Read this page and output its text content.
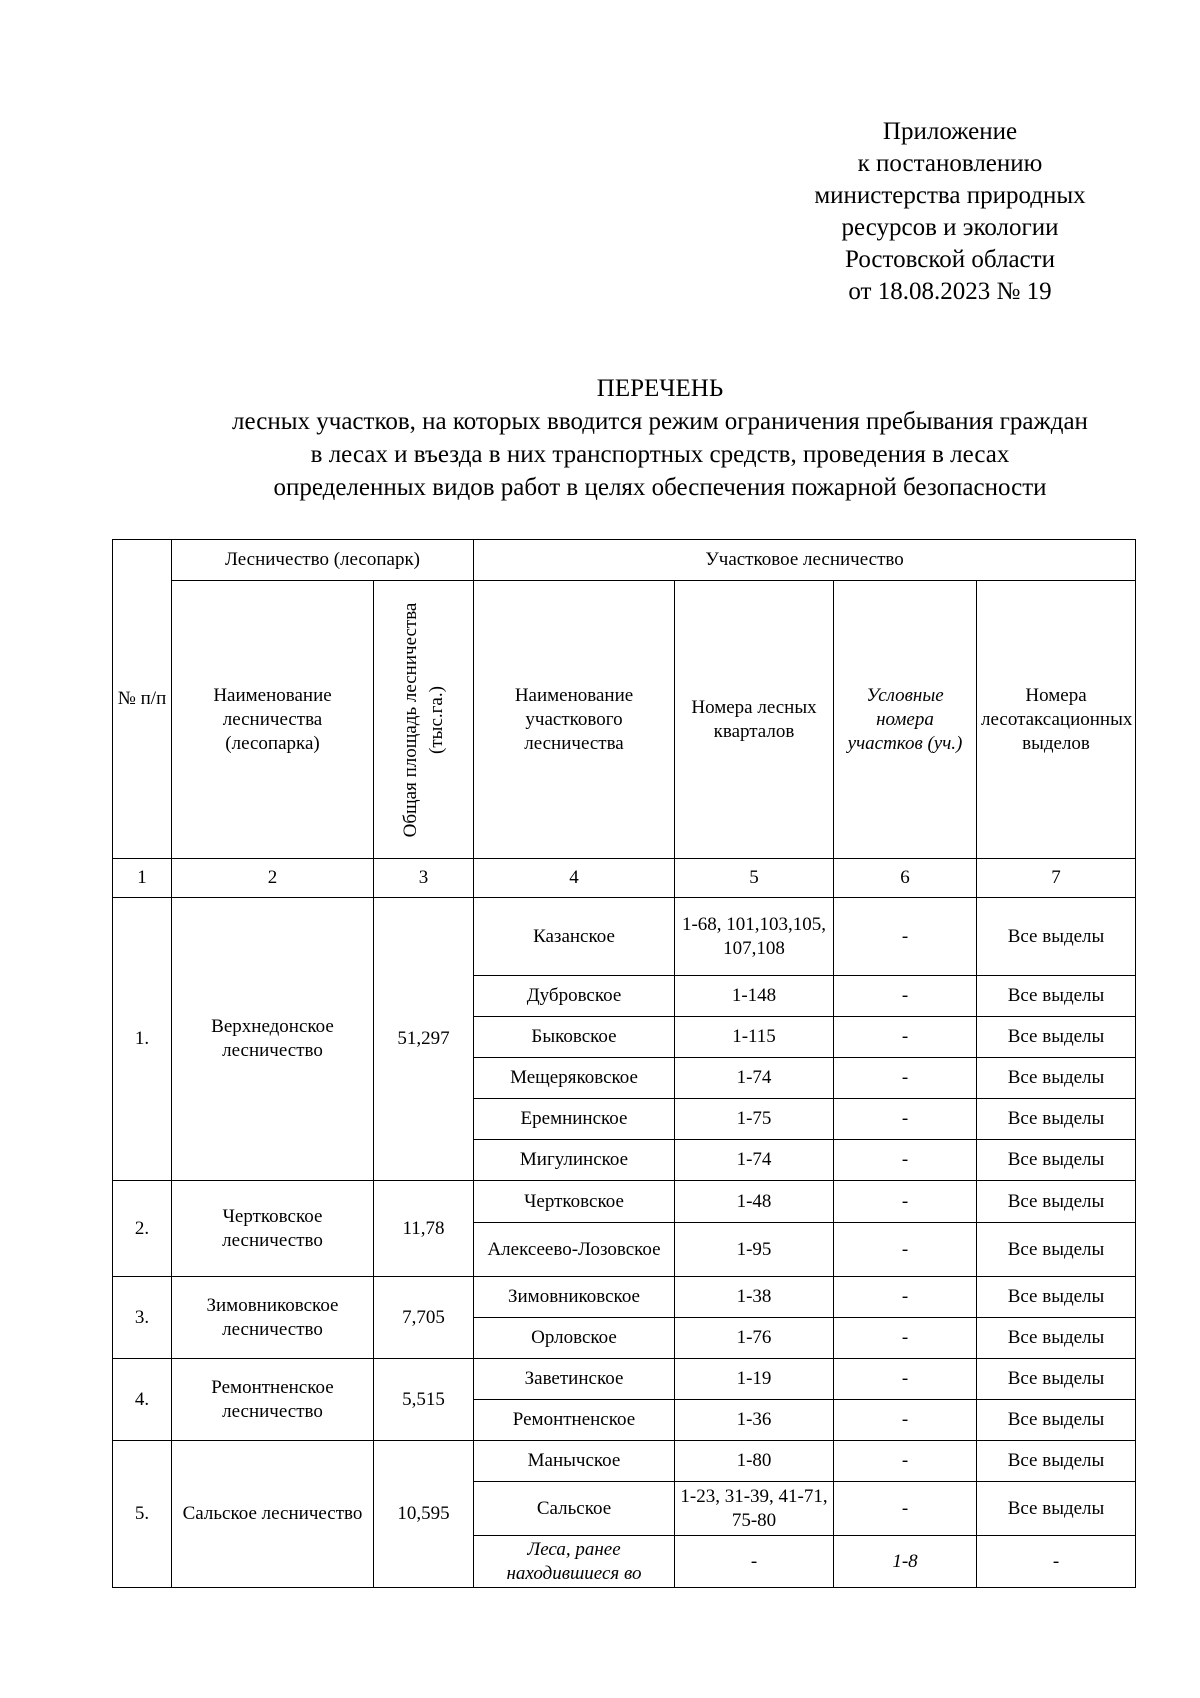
Приложение
к постановлению
министерства природных
ресурсов и экологии
Ростовской области
от 18.08.2023 № 19
ПЕРЕЧЕНЬ
лесных участков, на которых вводится режим ограничения пребывания граждан
в лесах и въезда в них транспортных средств, проведения в лесах
определенных видов работ в целях обеспечения пожарной безопасности
№ п/п	Лесничество (лесопарк)		Участковое лесничество			
	Наименование лесничества (лесопарка)	Общая площадь лесничества (тыс.га.)	Наименование участкового лесничества	Номера лесных кварталов	Условные номера участков (уч.)	Номера лесотаксационных выделов
1	2	3	4	5	6	7
1.	Верхнедонское лесничество	51,297	Казанское	1-68, 101,103,105, 107,108	-	Все выделы
			Дубровское	1-148	-	Все выделы
			Быковское	1-115	-	Все выделы
			Мещеряковское	1-74	-	Все выделы
			Еремнинское	1-75	-	Все выделы
			Мигулинское	1-74	-	Все выделы
2.	Чертковское лесничество	11,78	Чертковское	1-48	-	Все выделы
			Алексеево-Лозовское	1-95	-	Все выделы
3.	Зимовниковское лесничество	7,705	Зимовниковское	1-38	-	Все выделы
			Орловское	1-76	-	Все выделы
4.	Ремонтненское лесничество	5,515	Заветинское	1-19	-	Все выделы
			Ремонтненское	1-36	-	Все выделы
5.	Сальское лесничество	10,595	Манычское	1-80	-	Все выделы
			Сальское	1-23, 31-39, 41-71, 75-80	-	Все выделы

			Леса, ранее находившиеся во	-	1-8	-
